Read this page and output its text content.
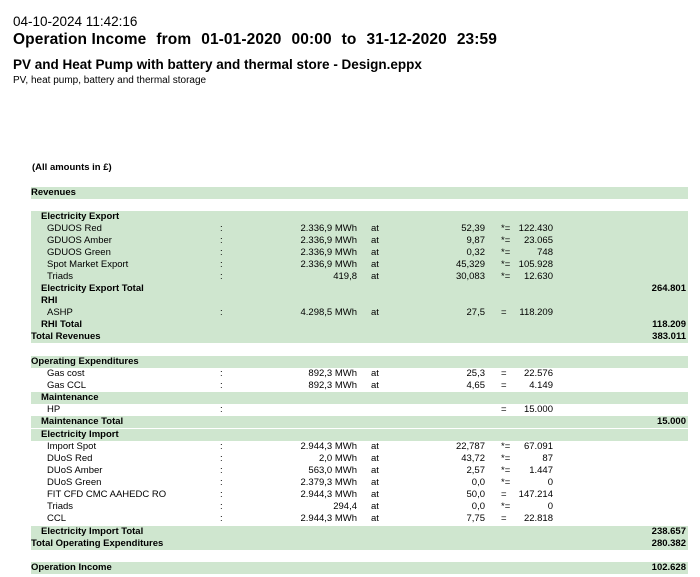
04-10-2024 11:42:16
Operation Income from 01-01-2020 00:00 to 31-12-2020 23:59
PV and Heat Pump with battery and thermal store - Design.eppx
PV, heat pump, battery and thermal storage
(All amounts in £)
Revenues
Electricity Export
GDUOS Red	:	2.336,9 MWh at	52,39 *= 122.430
GDUOS Amber	:	2.336,9 MWh at	9,87 *=	23.065
GDUOS Green	:	2.336,9 MWh at	0,32 *=	748
Spot Market Export	:	2.336,9 MWh at	45,329 *= 105.928
Triads	:	419,8 at	30,083 *=	12.630
Electricity Export Total	264.801
RHI
ASHP	:	4.298,5 MWh at	27,5 =	118.209
RHI Total	118.209
Total Revenues	383.011
Operating Expenditures
Gas cost	:	892,3 MWh at	25,3 =	22.576
Gas CCL	:	892,3 MWh at	4,65 =	4.149
Maintenance
HP	:	=	15.000
Maintenance Total	15.000
Electricity Import
Import Spot	:	2.944,3 MWh at	22,787 *=	67.091
DUoS Red	:	2,0 MWh at	43,72 *=	87
DUoS Amber	:	563,0 MWh at	2,57 *=	1.447
DUoS Green	:	2.379,3 MWh at	0,0 *=	0
FIT CFD CMC AAHEDC RO	:	2.944,3 MWh at	50,0 =	147.214
Triads	:	294,4 at	0,0 *=	0
CCL	:	2.944,3 MWh at	7,75 =	22.818
Electricity Import Total	238.657
Total Operating Expenditures	280.382
Operation Income	102.628
